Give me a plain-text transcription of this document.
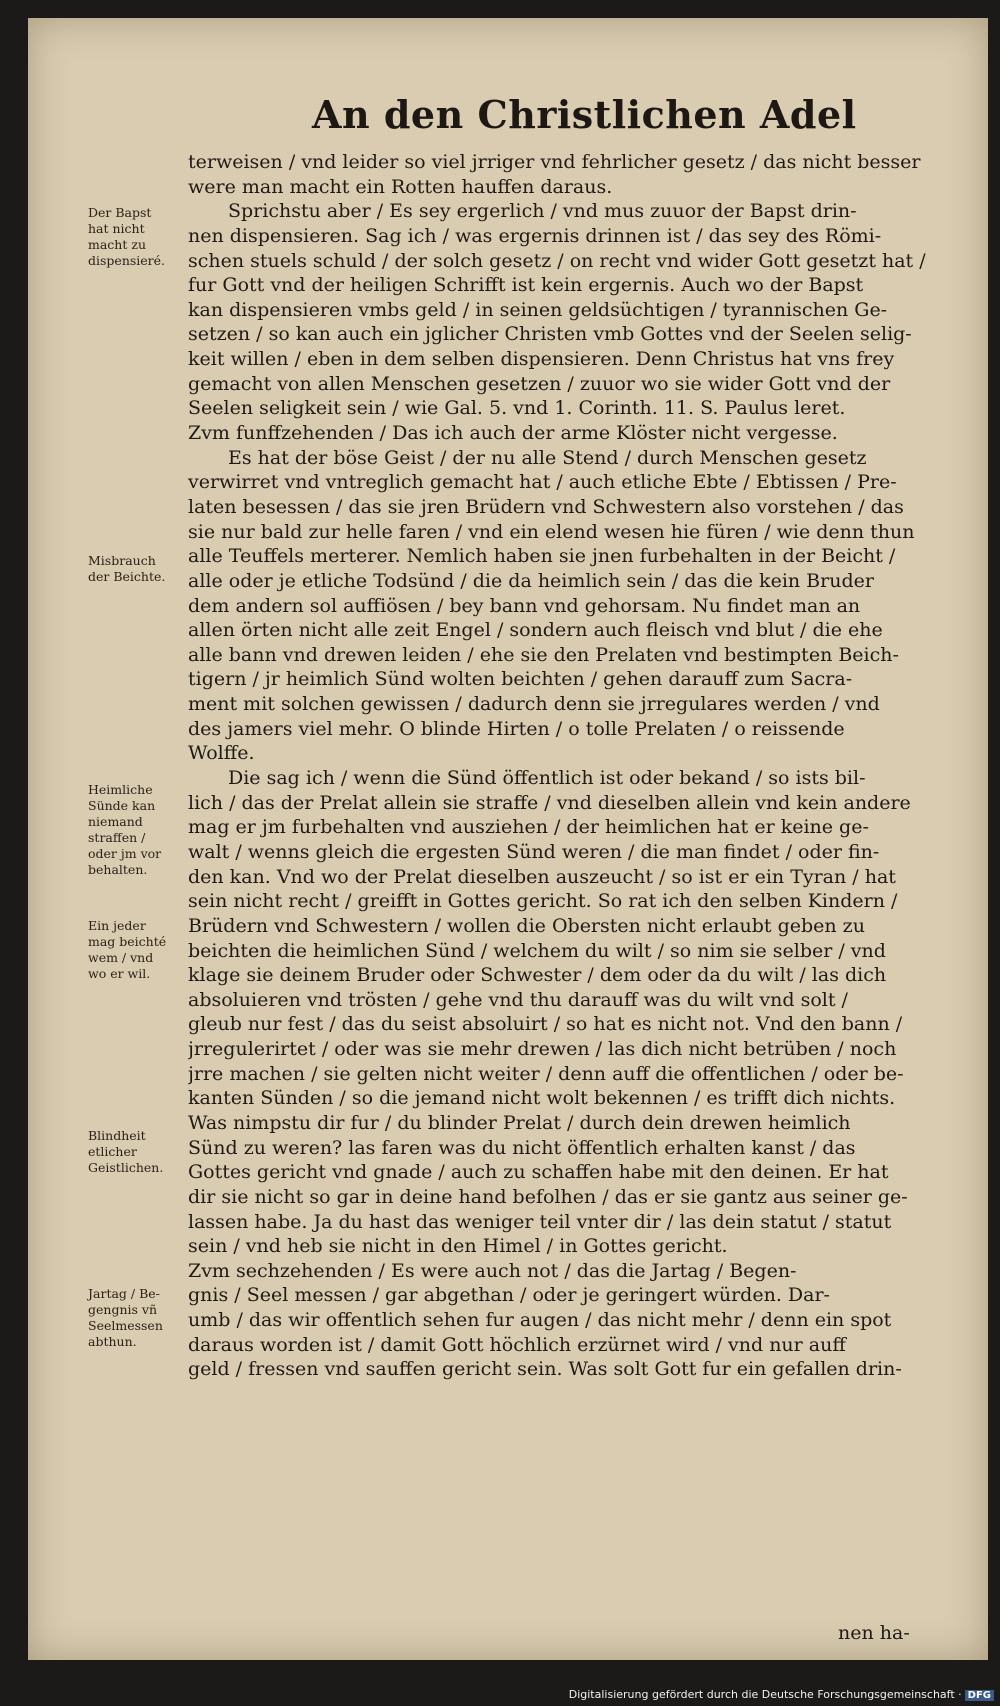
An den Christlichen Adel
terweisen / vnd leider so viel jrriger vnd fehrlicher gesetz / das nicht besser
were man macht ein Rotten hauffen daraus.
Sprichstu aber / Es sey ergerlich / vnd mus zuuor der Bapst drin-
nen dispensieren. Sag ich / was ergernis drinnen ist / das sey des Römi-
schen stuels schuld / der solch gesetz / on recht vnd wider Gott gesetzt hat /
fur Gott vnd der heiligen Schrifft ist kein ergernis. Auch wo der Bapst
kan dispensieren vmbs geld / in seinen geldsüchtigen / tyrannischen Ge-
setzen / so kan auch ein jglicher Christen vmb Gottes vnd der Seelen selig-
keit willen / eben in dem selben dispensieren. Denn Christus hat vns frey
gemacht von allen Menschen gesetzen / zuuor wo sie wider Gott vnd der
Seelen seligkeit sein / wie Gal. 5. vnd 1. Corinth. 11. S. Paulus leret.
Zvm funffzehenden / Das ich auch der arme Klöster nicht vergesse.
Es hat der böse Geist / der nu alle Stend / durch Menschen gesetz
verwirret vnd vntreglich gemacht hat / auch etliche Ebte / Ebtissen / Pre-
laten besessen / das sie jren Brüdern vnd Schwestern also vorstehen / das
sie nur bald zur helle faren / vnd ein elend wesen hie füren / wie denn thun
alle Teuffels merterer. Nemlich haben sie jnen furbehalten in der Beicht /
alle oder je etliche Todsünd / die da heimlich sein / das die kein Bruder
dem andern sol auffiösen / bey bann vnd gehorsam. Nu findet man an
allen örten nicht alle zeit Engel / sondern auch fleisch vnd blut / die ehe
alle bann vnd drewen leiden / ehe sie den Prelaten vnd bestimpten Beich-
tigern / jr heimlich Sünd wolten beichten / gehen darauff zum Sacra-
ment mit solchen gewissen / dadurch denn sie jrregulares werden / vnd
des jamers viel mehr. O blinde Hirten / o tolle Prelaten / o reissende
Wolffe.
Die sag ich / wenn die Sünd öffentlich ist oder bekand / so ists bil-
lich / das der Prelat allein sie straffe / vnd dieselben allein vnd kein andere
mag er jm furbehalten vnd ausziehen / der heimlichen hat er keine ge-
walt / wenns gleich die ergesten Sünd weren / die man findet / oder fin-
den kan. Vnd wo der Prelat dieselben auszeucht / so ist er ein Tyran / hat
sein nicht recht / greifft in Gottes gericht. So rat ich den selben Kindern /
Brüdern vnd Schwestern / wollen die Obersten nicht erlaubt geben zu
beichten die heimlichen Sünd / welchem du wilt / so nim sie selber / vnd
klage sie deinem Bruder oder Schwester / dem oder da du wilt / las dich
absoluieren vnd trösten / gehe vnd thu darauff was du wilt vnd solt /
gleub nur fest / das du seist absoluirt / so hat es nicht not. Vnd den bann /
jrregulerirtet / oder was sie mehr drewen / las dich nicht betrüben / noch
jrre machen / sie gelten nicht weiter / denn auff die offentlichen / oder be-
kanten Sünden / so die jemand nicht wolt bekennen / es trifft dich nichts.
Was nimpstu dir fur / du blinder Prelat / durch dein drewen heimlich
Sünd zu weren? las faren was du nicht öffentlich erhalten kanst / das
Gottes gericht vnd gnade / auch zu schaffen habe mit den deinen. Er hat
dir sie nicht so gar in deine hand befolhen / das er sie gantz aus seiner ge-
lassen habe. Ja du hast das weniger teil vnter dir / las dein statut / statut
sein / vnd heb sie nicht in den Himel / in Gottes gericht.
Zvm sechzehenden / Es were auch not / das die Jartag / Begen-
gnis / Seel messen / gar abgethan / oder je geringert würden. Dar-
umb / das wir offentlich sehen fur augen / das nicht mehr / denn ein spot
daraus worden ist / damit Gott höchlich erzürnet wird / vnd nur auff
geld / fressen vnd sauffen gericht sein. Was solt Gott fur ein gefallen drin-
Der Bapst
hat nicht
macht zu
dispensieré.
Misbrauch
der Beichte.
Heimliche
Sünde kan
niemand
straffen /
oder jm vor
behalten.
Ein jeder
mag beichté
wem / vnd
wo er wil.
Blindheit
etlicher
Geistlichen.
Jartag / Be-
gengnis vñ
Seelmessen
abthun.
nen ha-
Digitalisierung gefördert durch die Deutsche Forschungsgemeinschaft · DFG
